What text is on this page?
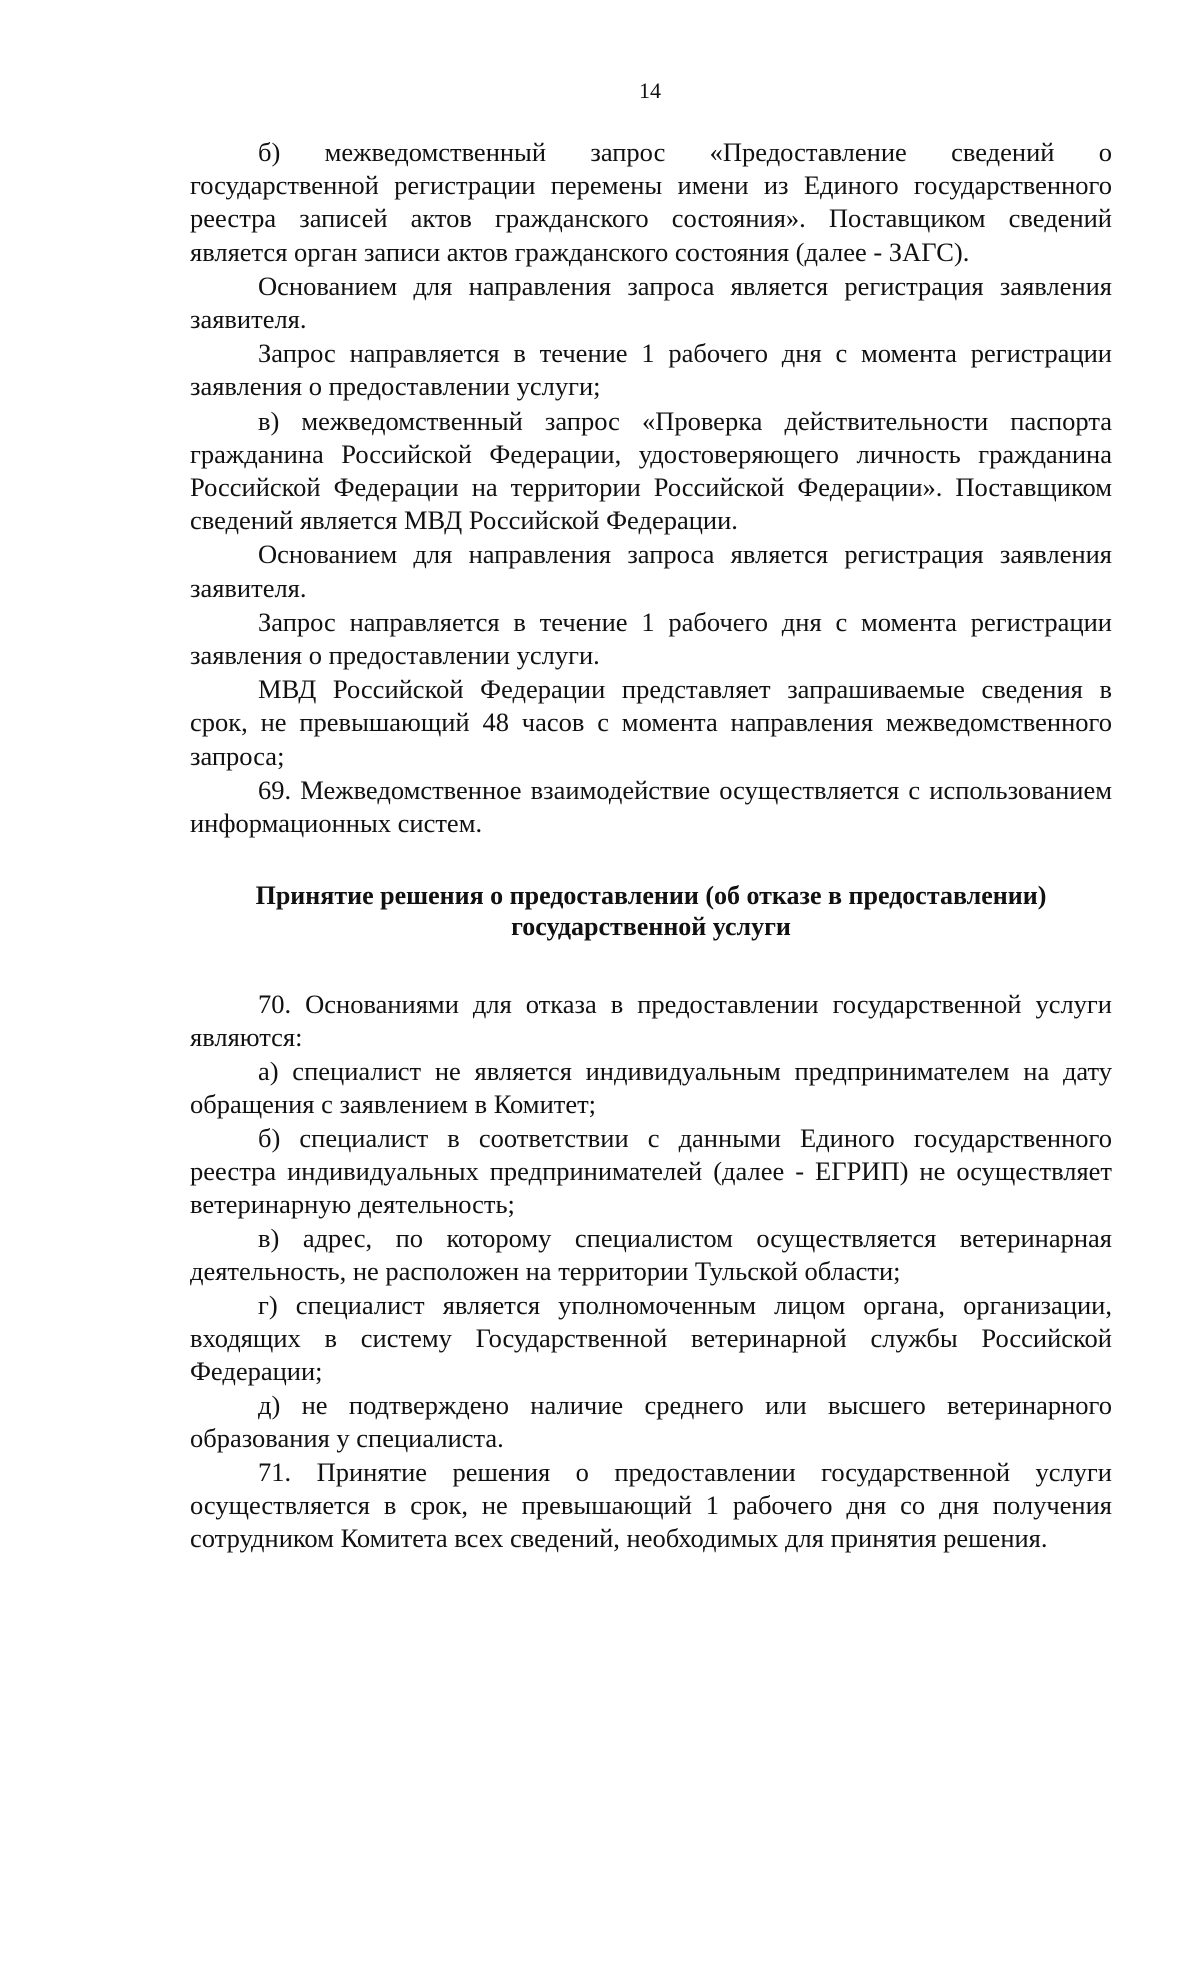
14

б) межведомственный запрос «Предоставление сведений о государственной регистрации перемены имени из Единого государственного реестра записей актов гражданского состояния». Поставщиком сведений является орган записи актов гражданского состояния (далее - ЗАГС).

Основанием для направления запроса является регистрация заявления заявителя.

Запрос направляется в течение 1 рабочего дня с момента регистрации заявления о предоставлении услуги;

в) межведомственный запрос «Проверка действительности паспорта гражданина Российской Федерации, удостоверяющего личность гражданина Российской Федерации на территории Российской Федерации». Поставщиком сведений является МВД Российской Федерации.

Основанием для направления запроса является регистрация заявления заявителя.

Запрос направляется в течение 1 рабочего дня с момента регистрации заявления о предоставлении услуги.

МВД Российской Федерации представляет запрашиваемые сведения в срок, не превышающий 48 часов с момента направления межведомственного запроса;

69. Межведомственное взаимодействие осуществляется с использованием информационных систем.

Принятие решения о предоставлении (об отказе в предоставлении)
государственной услуги

70. Основаниями для отказа в предоставлении государственной услуги являются:

а) специалист не является индивидуальным предпринимателем на дату обращения с заявлением в Комитет;

б) специалист в соответствии с данными Единого государственного реестра индивидуальных предпринимателей (далее - ЕГРИП) не осуществляет ветеринарную деятельность;

в) адрес, по которому специалистом осуществляется ветеринарная деятельность, не расположен на территории Тульской области;

г) специалист является уполномоченным лицом органа, организации, входящих в систему Государственной ветеринарной службы Российской Федерации;

д) не подтверждено наличие среднего или высшего ветеринарного образования у специалиста.

71. Принятие решения о предоставлении государственной услуги осуществляется в срок, не превышающий 1 рабочего дня со дня получения сотрудником Комитета всех сведений, необходимых для принятия решения.
